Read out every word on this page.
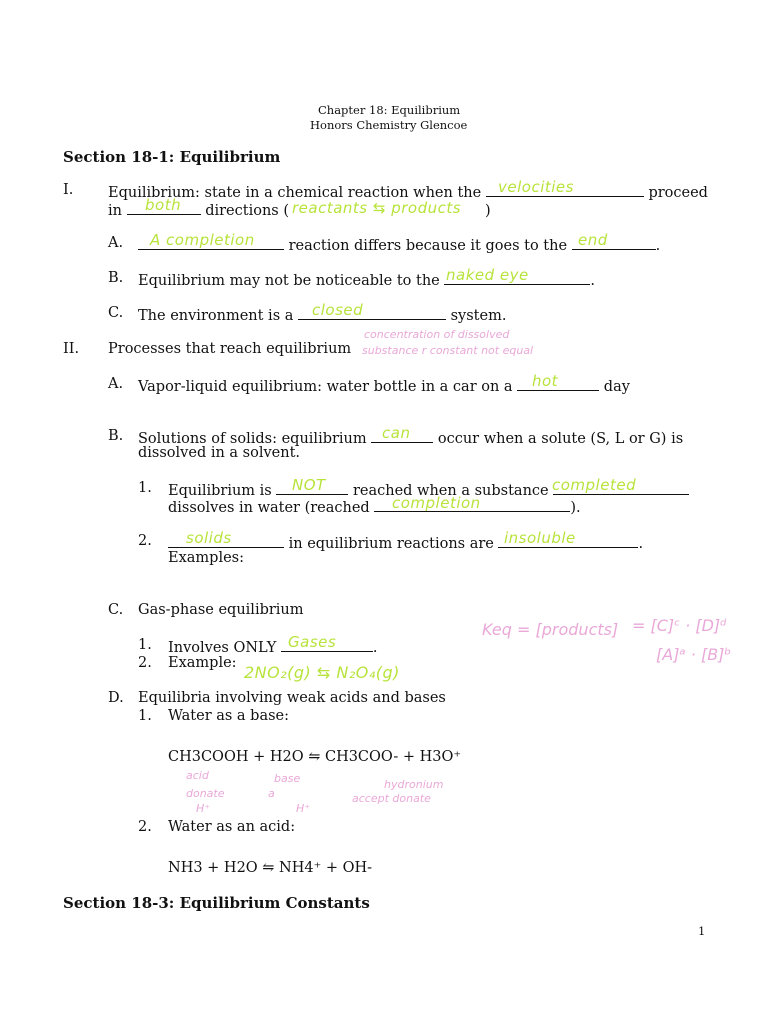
Chapter 18: Equilibrium
Honors Chemistry Glencoe
Section 18-1: Equilibrium
I. Equilibrium: state in a chemical reaction when the	proceed
velocities
in	directions (	)
both	reactants ⇆ products
A.	reaction differs because it goes to the	.
A completion	end
B. Equilibrium may not be noticeable to the	.
naked eye
C. The environment is a	system.
closed
concentration of dissolved
substance r constant not equal
II. Processes that reach equilibrium
A. Vapor-liquid equilibrium: water bottle in a car on a	day
hot
B. Solutions of solids: equilibrium	occur when a solute (S, L or G) is
can
dissolved in a solvent.
1. Equilibrium is	reached when a substance
NOT	completed
dissolves in water (reached	).
completion
2.	in equilibrium reactions are	.
solids	insoluble
Examples:
C. Gas-phase equilibrium
Keq = [products] = [C]ᶜ · [D]ᵈ
[A]ᵃ · [B]ᵇ
1. Involves ONLY	.
Gases
2. Example: 2NO₂(g) ⇆ N₂O₄(g)
D. Equilibria involving weak acids and bases
1. Water as a base:
CH3COOH + H2O ⇋ CH3COO- + H3O⁺
acid
donate
H⁺
base
a
H⁺
hydronium
accept donate
2. Water as an acid:
NH3 + H2O ⇋ NH4⁺ + OH-
Section 18-3: Equilibrium Constants
1
